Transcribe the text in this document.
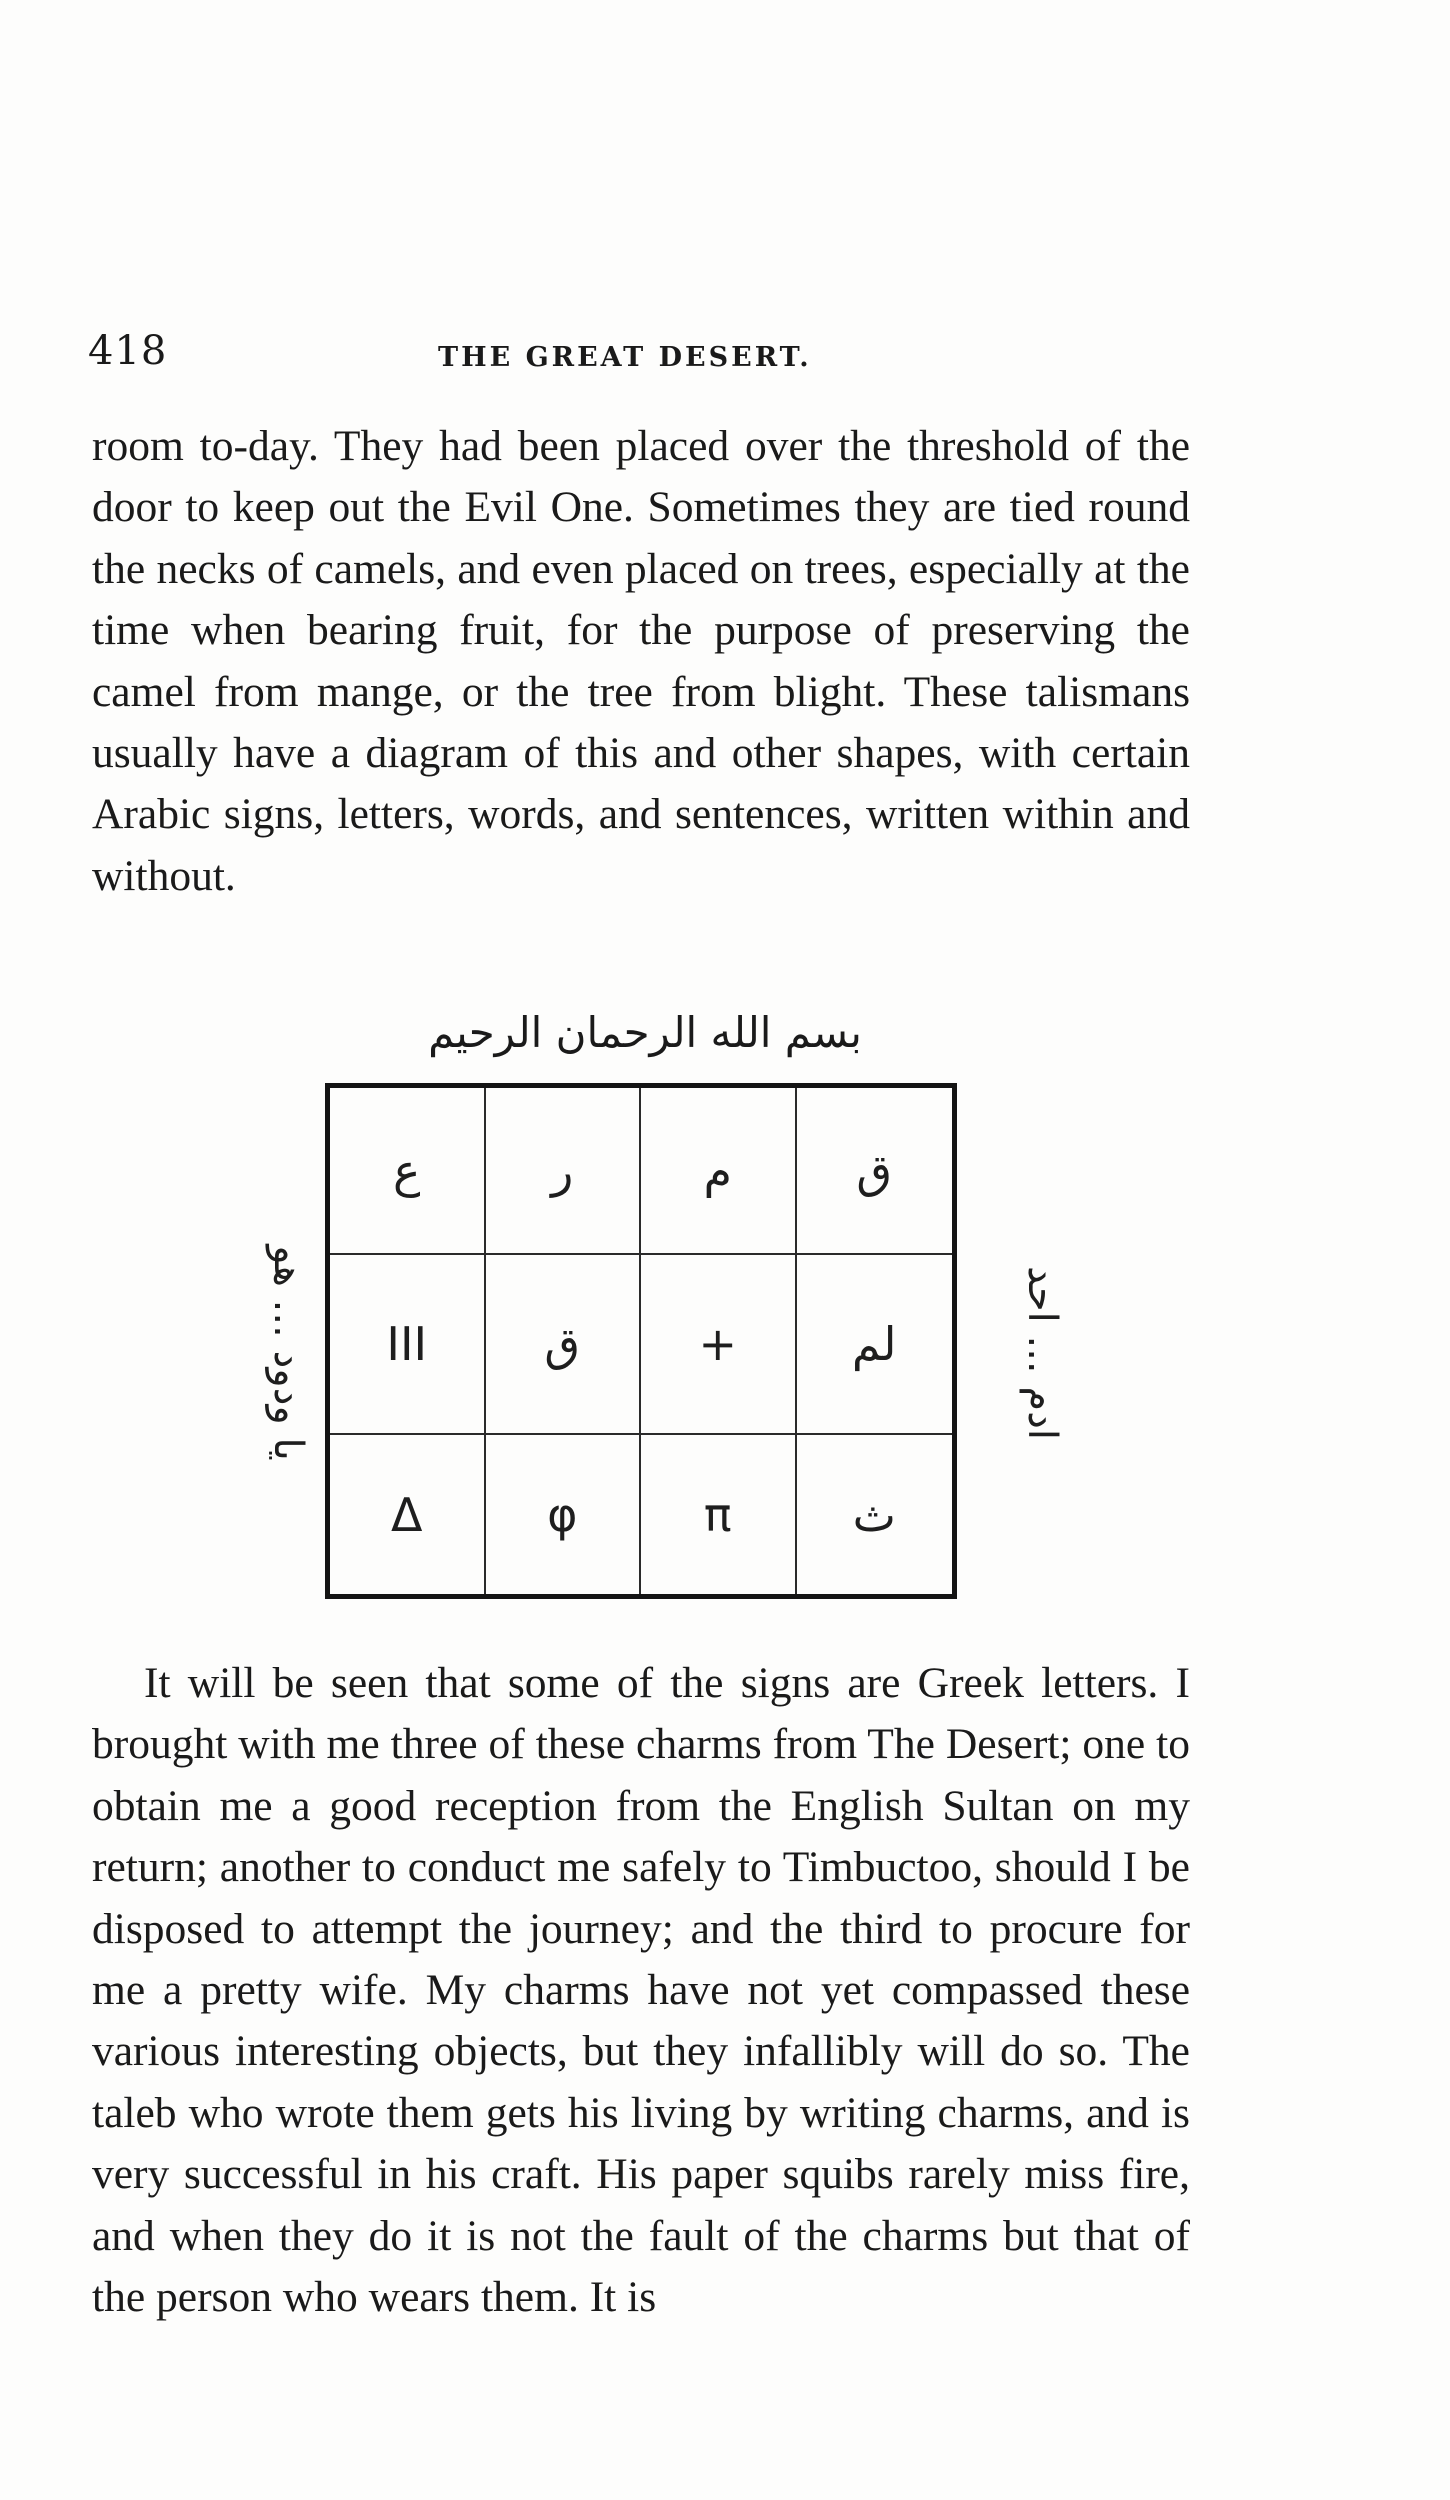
418	THE GREAT DESERT.

room to-day. They had been placed over the threshold of the door to keep out the Evil One. Sometimes they are tied round the necks of camels, and even placed on trees, especially at the time when bearing fruit, for the purpose of preserving the camel from mange, or the tree from blight. These talismans usually have a diagram of this and other shapes, with certain Arabic signs, letters, words, and sentences, written within and without.

بسم الله الرحمان الرحيم
يا ودود ... هو	ادم ... احد
ع	ر	م	ق
III	ق	+	لم
Δ	φ	π	ث

It will be seen that some of the signs are Greek letters. I brought with me three of these charms from The Desert; one to obtain me a good reception from the English Sultan on my return; another to conduct me safely to Timbuctoo, should I be disposed to attempt the journey; and the third to procure for me a pretty wife. My charms have not yet compassed these various interesting objects, but they infallibly will do so. The taleb who wrote them gets his living by writing charms, and is very successful in his craft. His paper squibs rarely miss fire, and when they do it is not the fault of the charms but that of the person who wears them. It is
